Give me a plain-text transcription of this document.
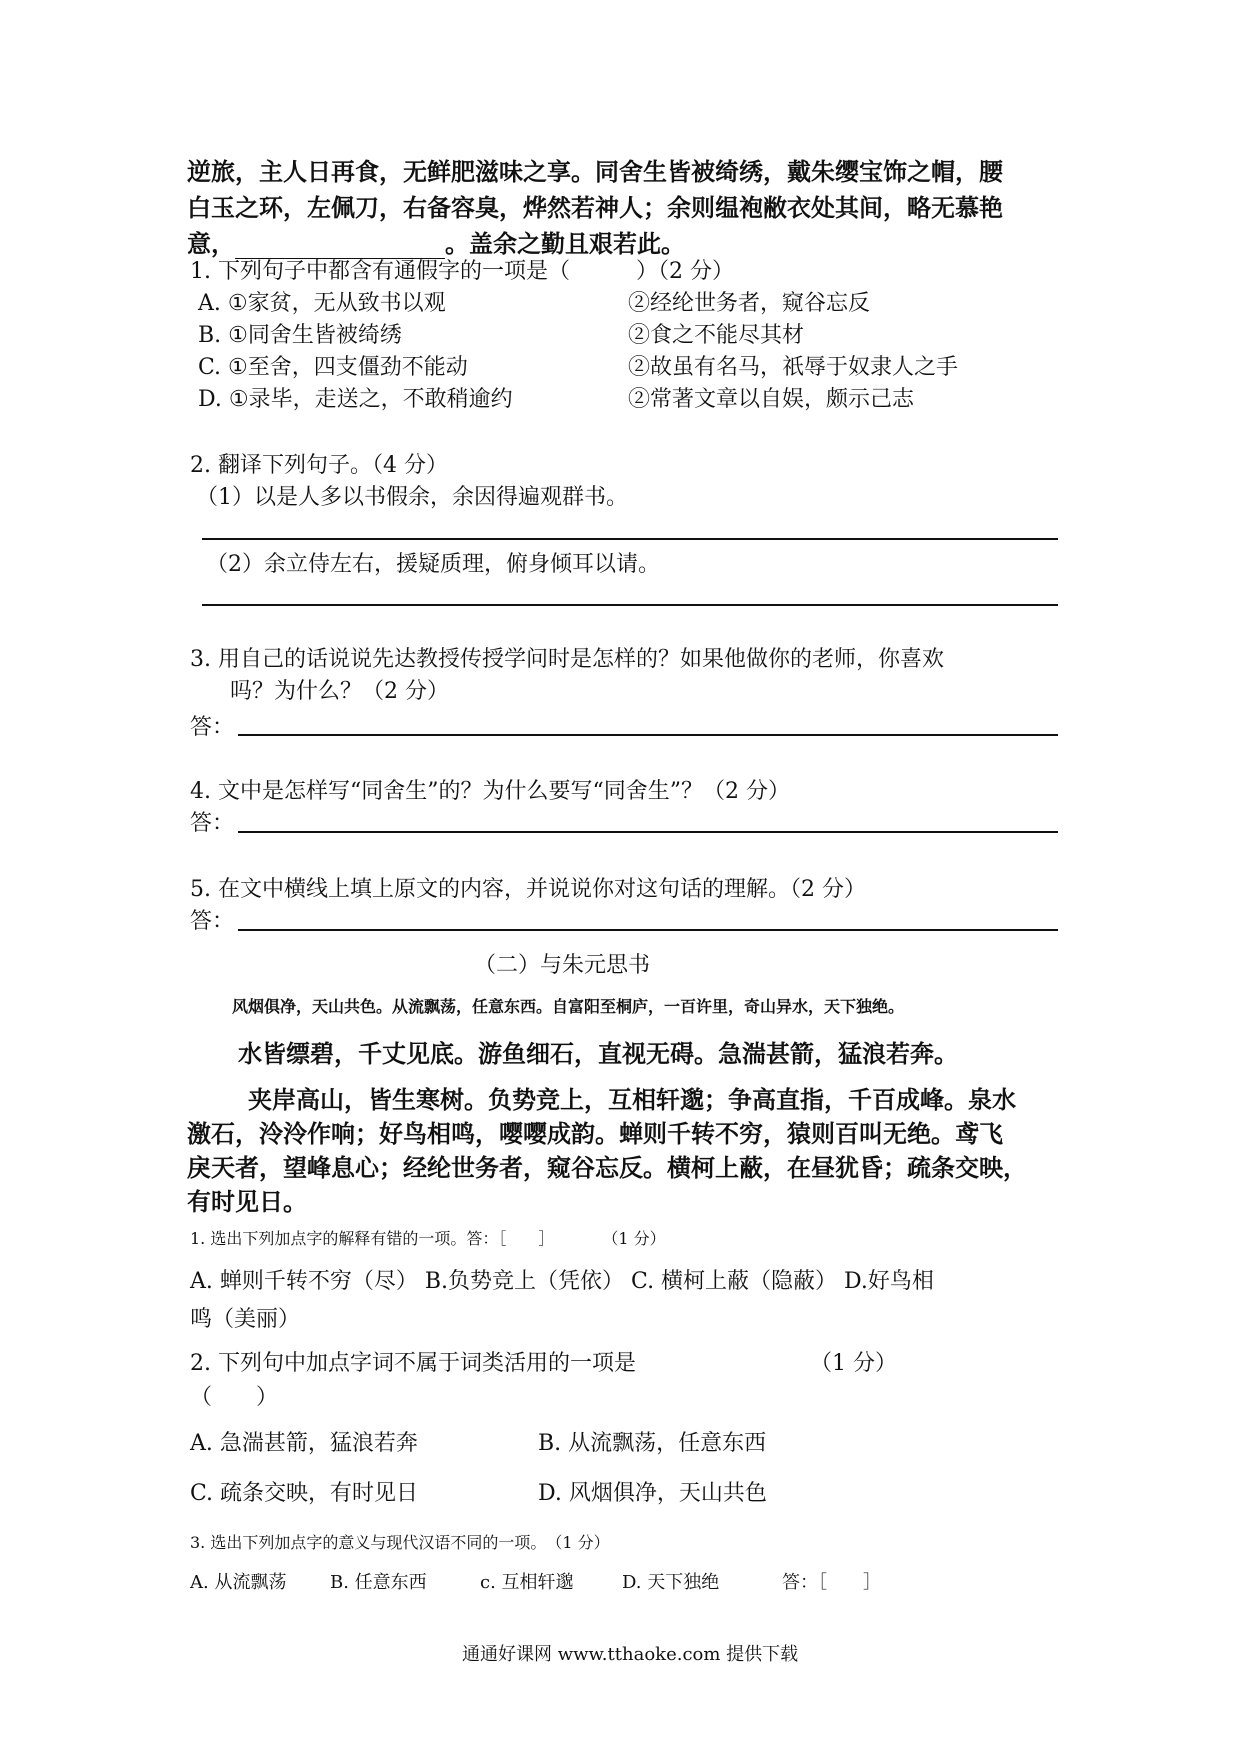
逆旅，主人日再食，无鲜肥滋味之享。同舍生皆被绮绣，戴朱缨宝饰之帽，腰
白玉之环，左佩刀，右备容臭，烨然若神人；余则缊袍敝衣处其间，略无慕艳
意，	。盖余之勤且艰若此。
1. 下列句子中都含有通假字的一项是（　　　）（2 分）
A. ①家贫，无从致书以观	②经纶世务者，窥谷忘反
B. ①同舍生皆被绮绣	②食之不能尽其材
C. ①至舍，四支僵劲不能动	②故虽有名马，祇辱于奴隶人之手
D. ①录毕，走送之，不敢稍逾约	②常著文章以自娱，颇示己志
2. 翻译下列句子。（4 分）
（1）以是人多以书假余，余因得遍观群书。
（2）余立侍左右，援疑质理，俯身倾耳以请。
3. 用自己的话说说先达教授传授学问时是怎样的？如果他做你的老师，你喜欢
吗？为什么？（2 分）
答：
4. 文中是怎样写“同舍生”的？为什么要写“同舍生”？（2 分）
答：
5. 在文中横线上填上原文的内容，并说说你对这句话的理解。（2 分）
答：
（二）与朱元思书
风烟俱净，天山共色。从流飘荡，任意东西。自富阳至桐庐，一百许里，奇山异水，天下独绝。
水皆缥碧，千丈见底。游鱼细石，直视无碍。急湍甚箭，猛浪若奔。
夹岸高山，皆生寒树。负势竞上，互相轩邈；争高直指，千百成峰。泉水
激石，泠泠作响；好鸟相鸣，嘤嘤成韵。蝉则千转不穷，猿则百叫无绝。鸢飞
戾天者，望峰息心；经纶世务者，窥谷忘反。横柯上蔽，在昼犹昏；疏条交映，
有时见日。
1. 选出下列加点字的解释有错的一项。答：［　　］　　　　（1 分）
A. 蝉则千转不穷（尽） B.负势竞上（凭依） C. 横柯上蔽（隐蔽） D.好鸟相
鸣（美丽）
2. 下列句中加点字词不属于词类活用的一项是	（1 分）
（　　）
A. 急湍甚箭，猛浪若奔	B. 从流飘荡，任意东西
C. 疏条交映，有时见日	D. 风烟俱净，天山共色
3. 选出下列加点字的意义与现代汉语不同的一项。　（1 分）
A. 从流飘荡 B. 任意东西	c. 互相轩邈	D. 天下独绝	答：［　　］
通通好课网 www.tthaoke.com 提供下载
